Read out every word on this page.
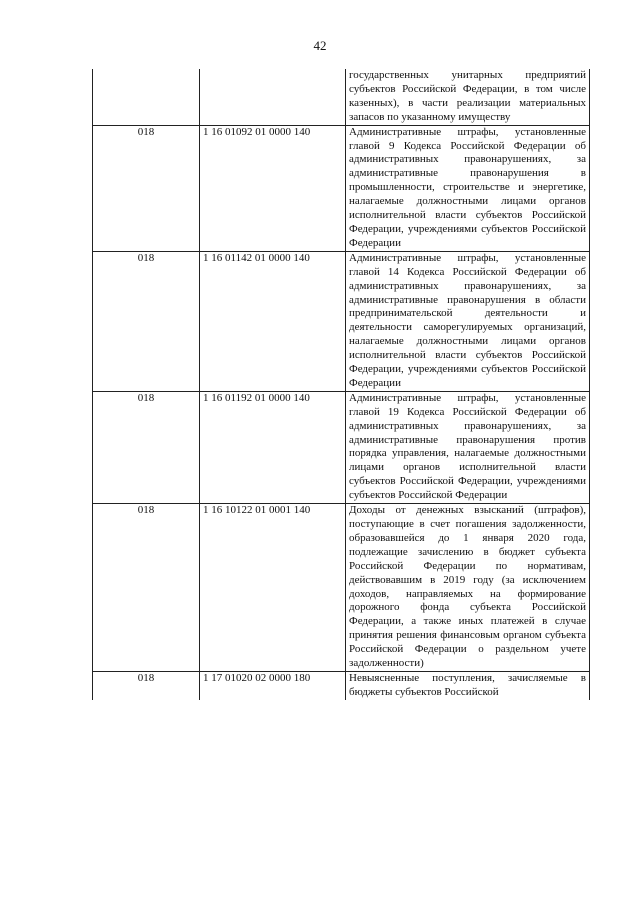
42
		государственных унитарных предприятий субъектов Российской Федерации, в том числе казенных), в части реализации материальных запасов по указанному имуществу
018	1 16 01092 01 0000 140	Административные штрафы, установленные главой 9 Кодекса Российской Федерации об административных правонарушениях, за административные правонарушения в промышленности, строительстве и энергетике, налагаемые должностными лицами органов исполнительной власти субъектов Российской Федерации, учреждениями субъектов Российской Федерации
018	1 16 01142 01 0000 140	Административные штрафы, установленные главой 14 Кодекса Российской Федерации об административных правонарушениях, за административные правонарушения в области предпринимательской деятельности и деятельности саморегулируемых организаций, налагаемые должностными лицами органов исполнительной власти субъектов Российской Федерации, учреждениями субъектов Российской Федерации
018	1 16 01192 01 0000 140	Административные штрафы, установленные главой 19 Кодекса Российской Федерации об административных правонарушениях, за административные правонарушения против порядка управления, налагаемые должностными лицами органов исполнительной власти субъектов Российской Федерации, учреждениями субъектов Российской Федерации
018	1 16 10122 01 0001 140	Доходы от денежных взысканий (штрафов), поступающие в счет погашения задолженности, образовавшейся до 1 января 2020 года, подлежащие зачислению в бюджет субъекта Российской Федерации по нормативам, действовавшим в 2019 году (за исключением доходов, направляемых на формирование дорожного фонда субъекта Российской Федерации, а также иных платежей в случае принятия решения финансовым органом субъекта Российской Федерации о раздельном учете задолженности)
018	1 17 01020 02 0000 180	Невыясненные поступления, зачисляемые в бюджеты субъектов Российской
